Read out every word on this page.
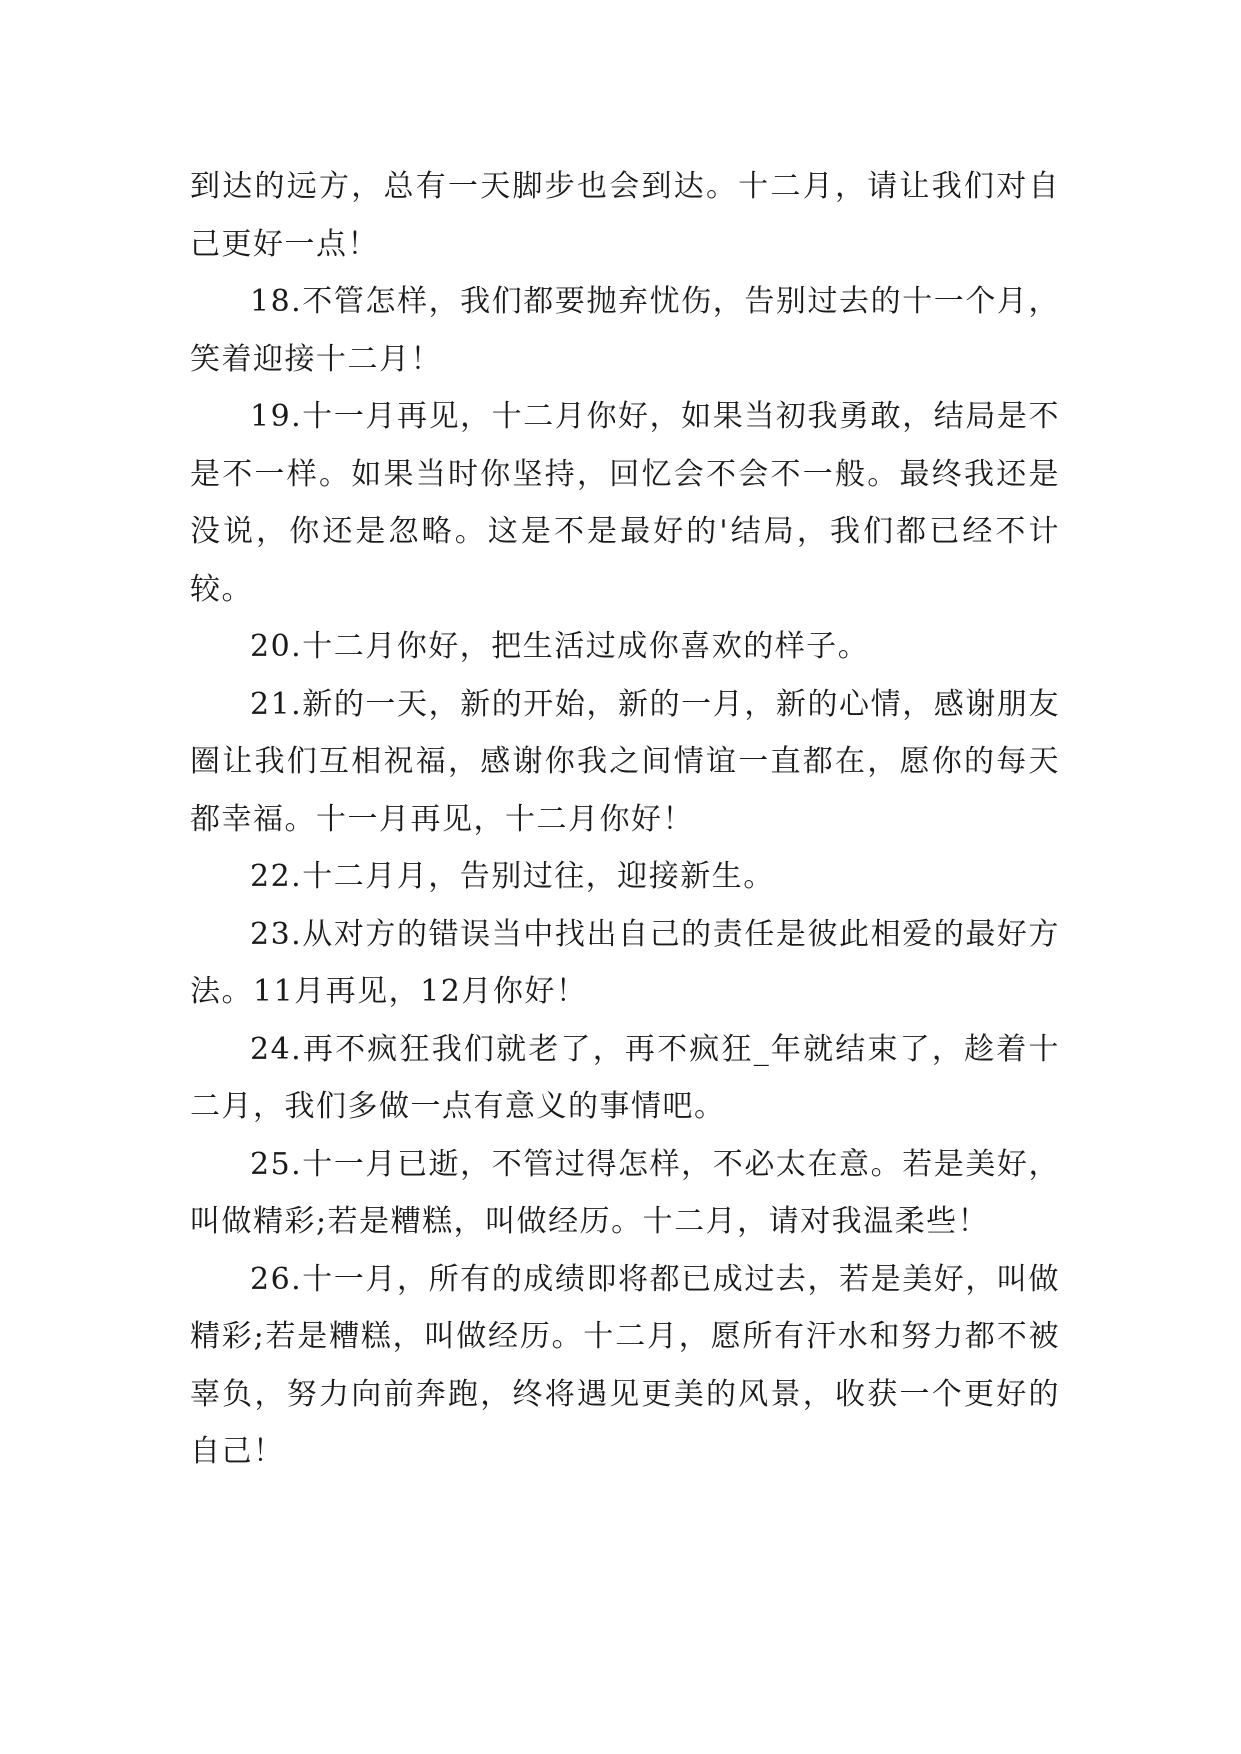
到达的远方，总有一天脚步也会到达。十二月，请让我们对自己更好一点！

18.不管怎样，我们都要抛弃忧伤，告别过去的十一个月，笑着迎接十二月！

19.十一月再见，十二月你好，如果当初我勇敢，结局是不是不一样。如果当时你坚持，回忆会不会不一般。最终我还是没说，你还是忽略。这是不是最好的'结局，我们都已经不计较。

20.十二月你好，把生活过成你喜欢的样子。

21.新的一天，新的开始，新的一月，新的心情，感谢朋友圈让我们互相祝福，感谢你我之间情谊一直都在，愿你的每天都幸福。十一月再见，十二月你好！

22.十二月月，告别过往，迎接新生。

23.从对方的错误当中找出自己的责任是彼此相爱的最好方法。11月再见，12月你好！

24.再不疯狂我们就老了，再不疯狂_年就结束了，趁着十二月，我们多做一点有意义的事情吧。

25.十一月已逝，不管过得怎样，不必太在意。若是美好，叫做精彩;若是糟糕，叫做经历。十二月，请对我温柔些！

26.十一月，所有的成绩即将都已成过去，若是美好，叫做精彩;若是糟糕，叫做经历。十二月，愿所有汗水和努力都不被辜负，努力向前奔跑，终将遇见更美的风景，收获一个更好的自己！
